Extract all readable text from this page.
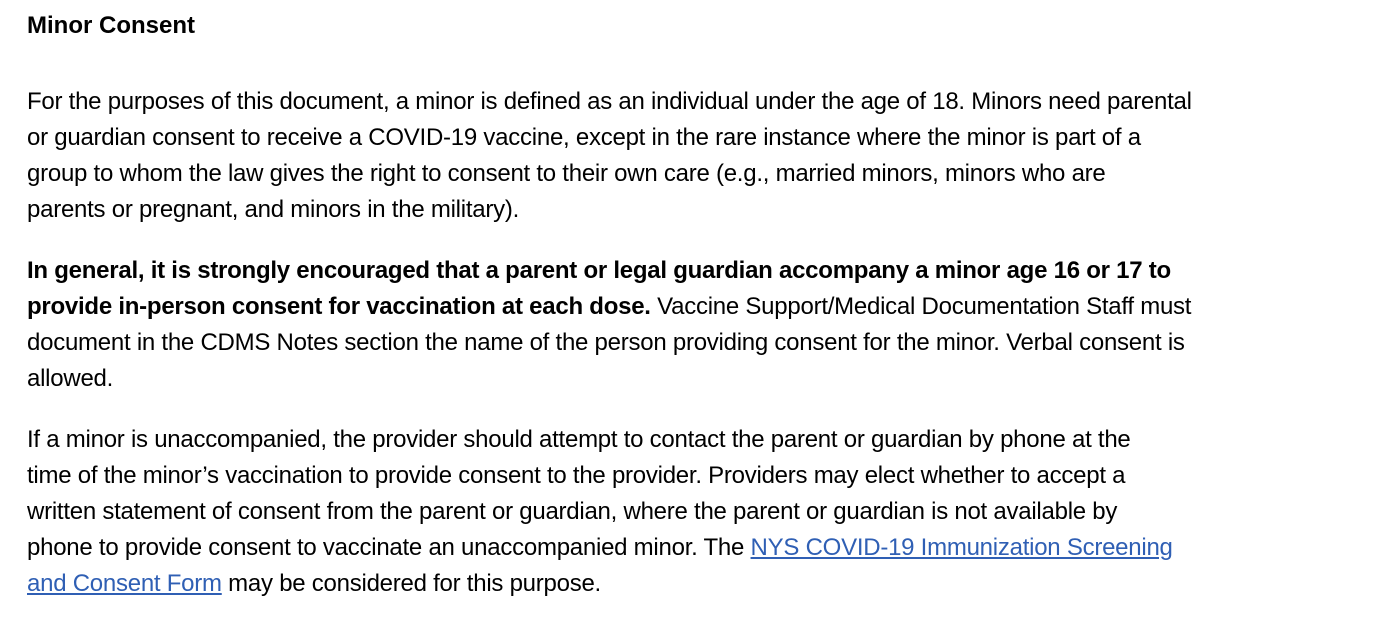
Minor Consent
For the purposes of this document, a minor is defined as an individual under the age of 18. Minors need parental
or guardian consent to receive a COVID-19 vaccine, except in the rare instance where the minor is part of a
group to whom the law gives the right to consent to their own care (e.g., married minors, minors who are
parents or pregnant, and minors in the military).
In general, it is strongly encouraged that a parent or legal guardian accompany a minor age 16 or 17 to
provide in-person consent for vaccination at each dose. Vaccine Support/Medical Documentation Staff must
document in the CDMS Notes section the name of the person providing consent for the minor. Verbal consent is
allowed.
If a minor is unaccompanied, the provider should attempt to contact the parent or guardian by phone at the
time of the minor’s vaccination to provide consent to the provider. Providers may elect whether to accept a
written statement of consent from the parent or guardian, where the parent or guardian is not available by
phone to provide consent to vaccinate an unaccompanied minor. The NYS COVID-19 Immunization Screening
and Consent Form may be considered for this purpose.
